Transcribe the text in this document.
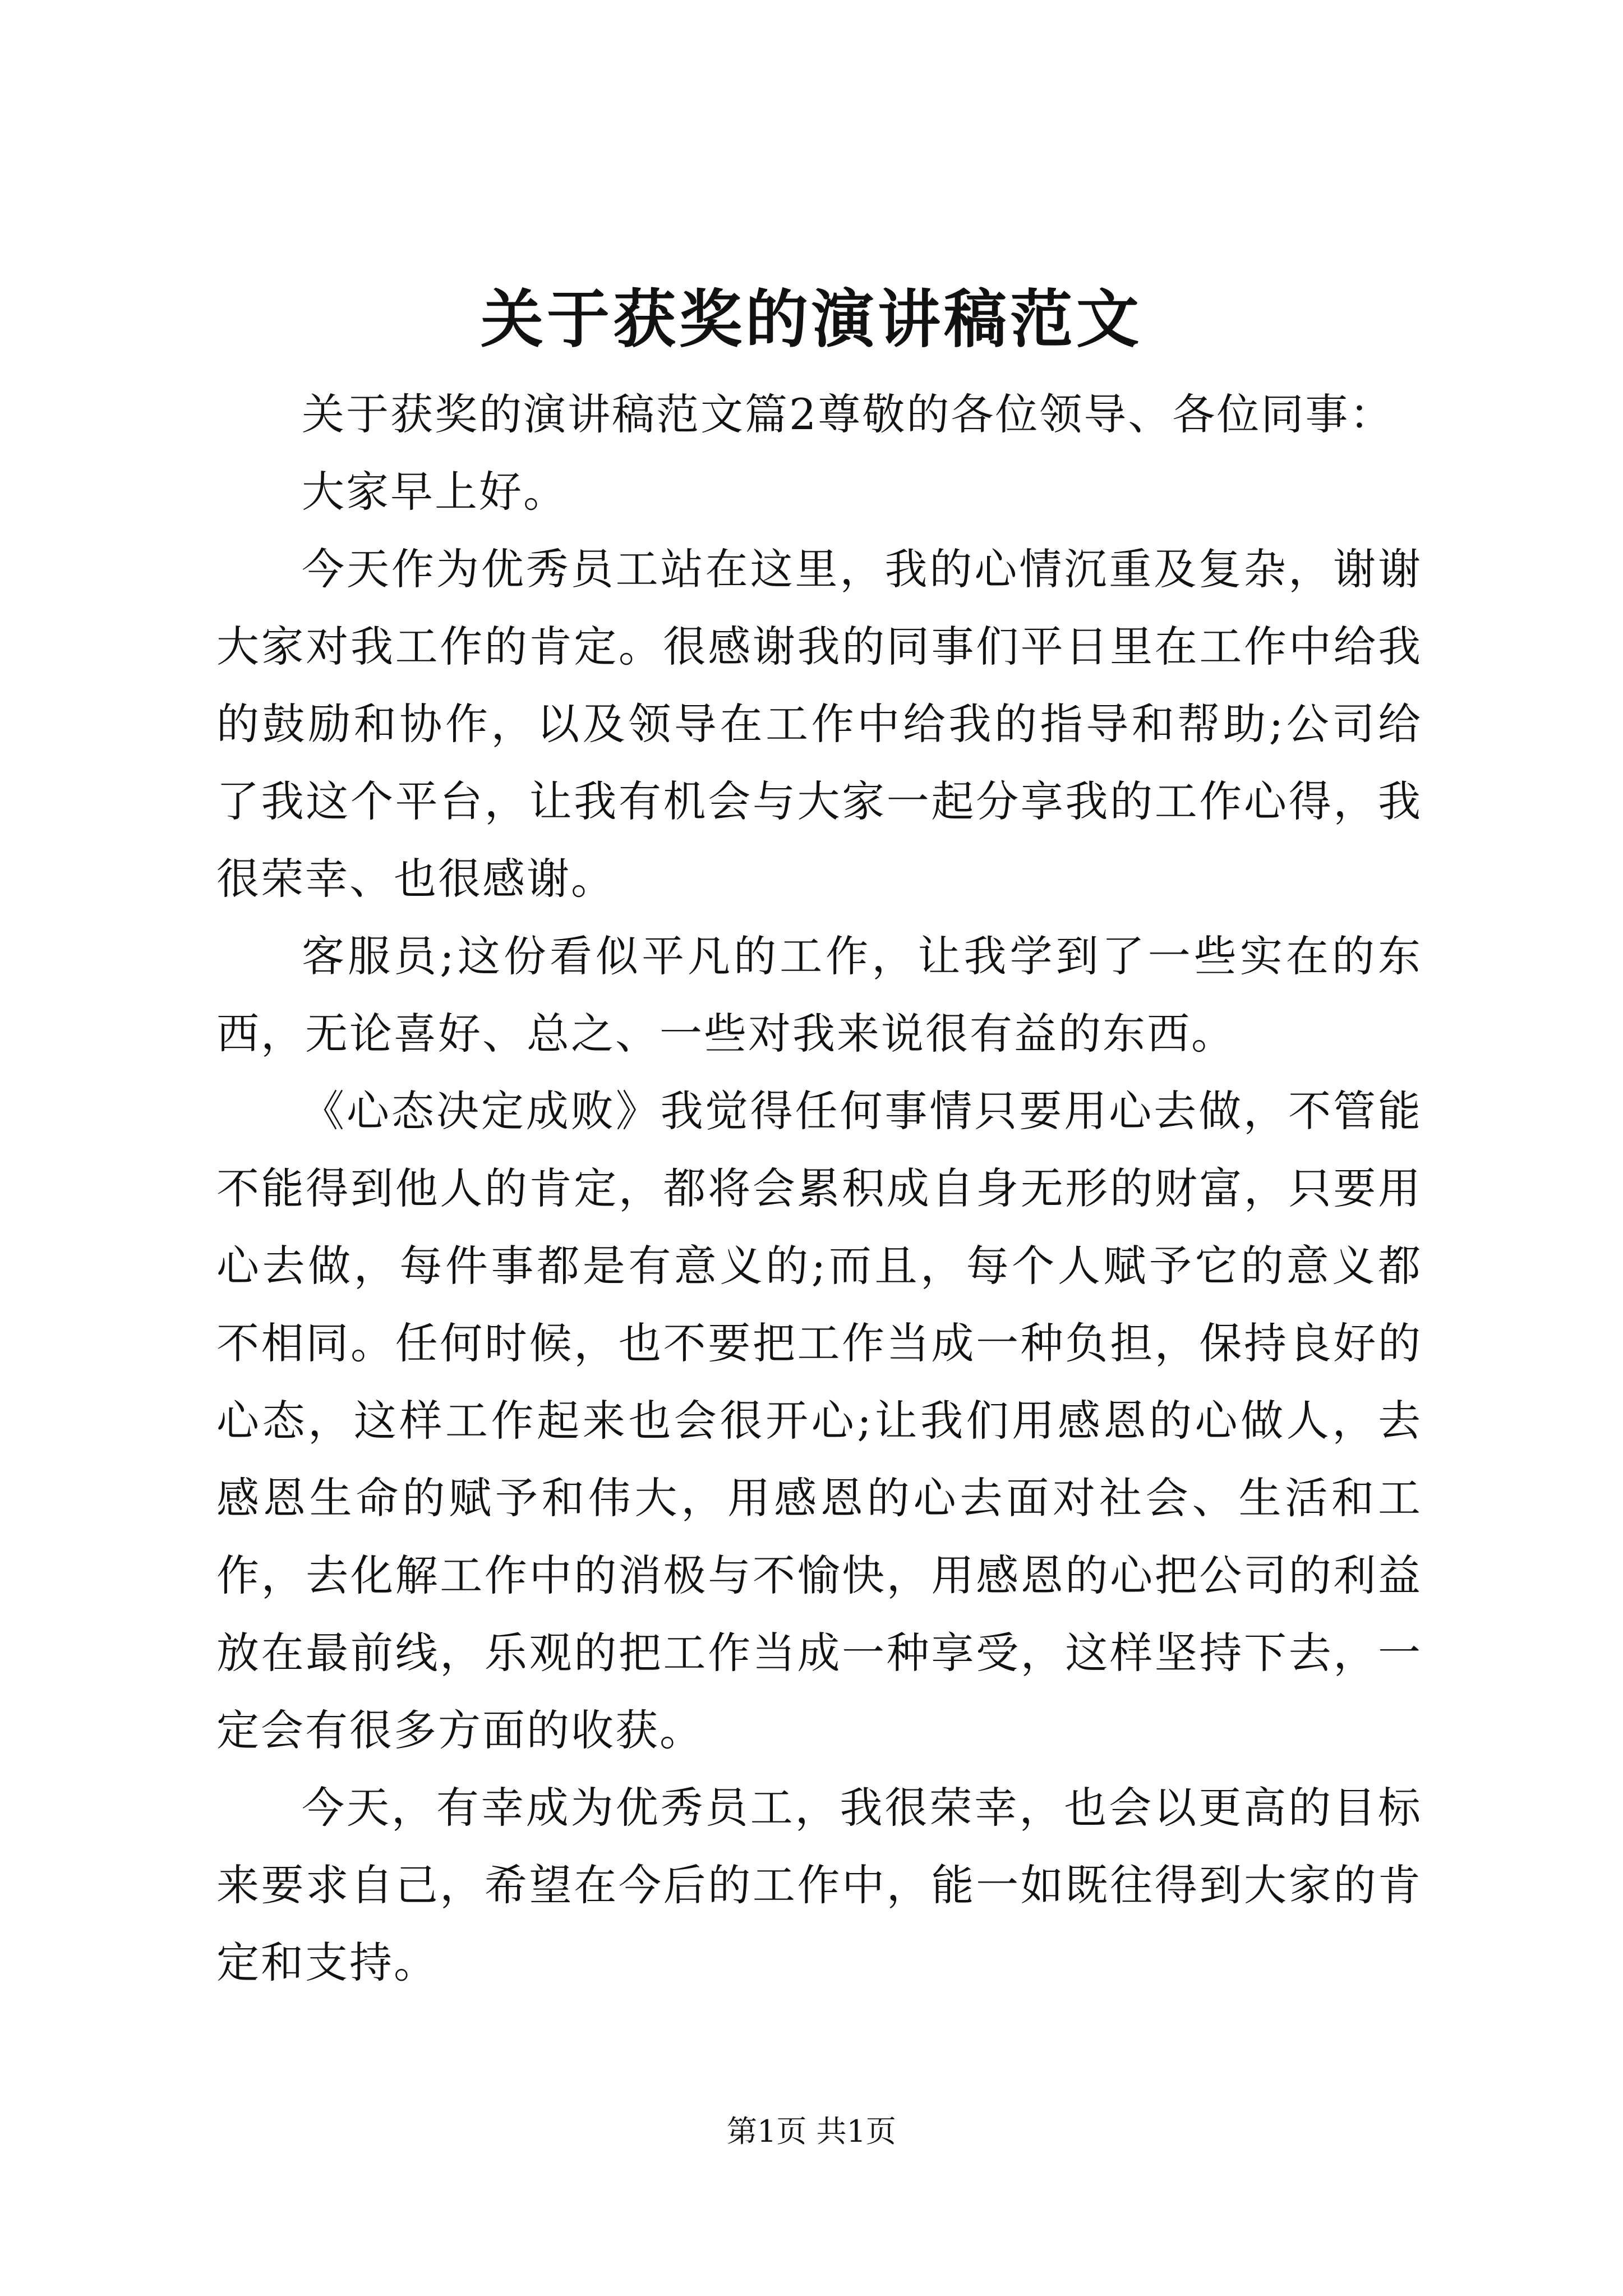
关于获奖的演讲稿范文

关于获奖的演讲稿范文篇2尊敬的各位领导、各位同事：

大家早上好。

今天作为优秀员工站在这里，我的心情沉重及复杂，谢谢大家对我工作的肯定。很感谢我的同事们平日里在工作中给我的鼓励和协作，以及领导在工作中给我的指导和帮助;公司给了我这个平台，让我有机会与大家一起分享我的工作心得，我很荣幸、也很感谢。

客服员;这份看似平凡的工作，让我学到了一些实在的东西，无论喜好、总之、一些对我来说很有益的东西。

《心态决定成败》我觉得任何事情只要用心去做，不管能不能得到他人的肯定，都将会累积成自身无形的财富，只要用心去做，每件事都是有意义的;而且，每个人赋予它的意义都不相同。任何时候，也不要把工作当成一种负担，保持良好的心态，这样工作起来也会很开心;让我们用感恩的心做人，去感恩生命的赋予和伟大，用感恩的心去面对社会、生活和工作，去化解工作中的消极与不愉快，用感恩的心把公司的利益放在最前线，乐观的把工作当成一种享受，这样坚持下去，一定会有很多方面的收获。

今天，有幸成为优秀员工，我很荣幸，也会以更高的目标来要求自己，希望在今后的工作中，能一如既往得到大家的肯定和支持。

第1页 共1页
